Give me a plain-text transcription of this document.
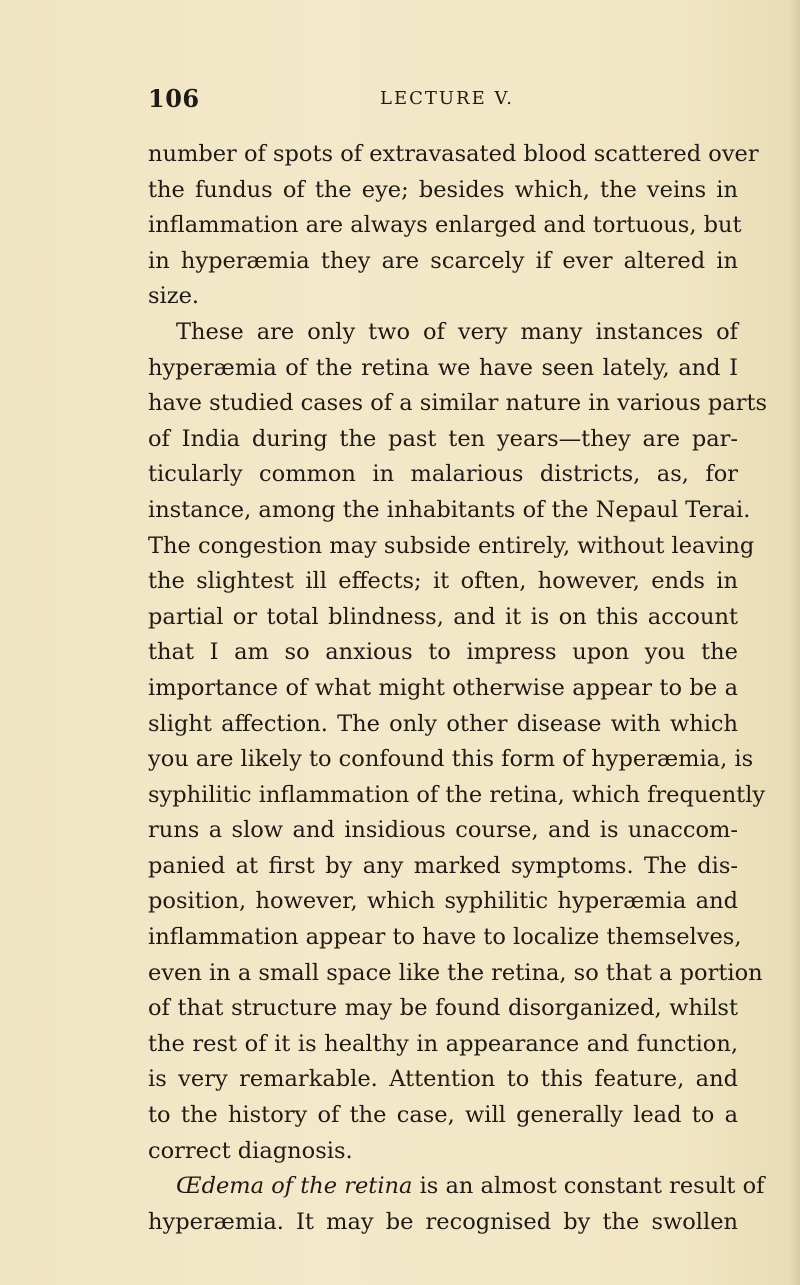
106	LECTURE V.
number of spots of extravasated blood scattered over
the fundus of the eye; besides which, the veins in
inflammation are always enlarged and tortuous, but
in hyperæmia they are scarcely if ever altered in
size.
These are only two of very many instances of
hyperæmia of the retina we have seen lately, and I
have studied cases of a similar nature in various parts
of India during the past ten years—they are par-
ticularly common in malarious districts, as, for
instance, among the inhabitants of the Nepaul Terai.
The congestion may subside entirely, without leaving
the slightest ill effects; it often, however, ends in
partial or total blindness, and it is on this account
that I am so anxious to impress upon you the
importance of what might otherwise appear to be a
slight affection. The only other disease with which
you are likely to confound this form of hyperæmia, is
syphilitic inflammation of the retina, which frequently
runs a slow and insidious course, and is unaccom-
panied at first by any marked symptoms. The dis-
position, however, which syphilitic hyperæmia and
inflammation appear to have to localize themselves,
even in a small space like the retina, so that a portion
of that structure may be found disorganized, whilst
the rest of it is healthy in appearance and function,
is very remarkable. Attention to this feature, and
to the history of the case, will generally lead to a
correct diagnosis.
Œdema of the retina is an almost constant result of
hyperæmia. It may be recognised by the swollen
